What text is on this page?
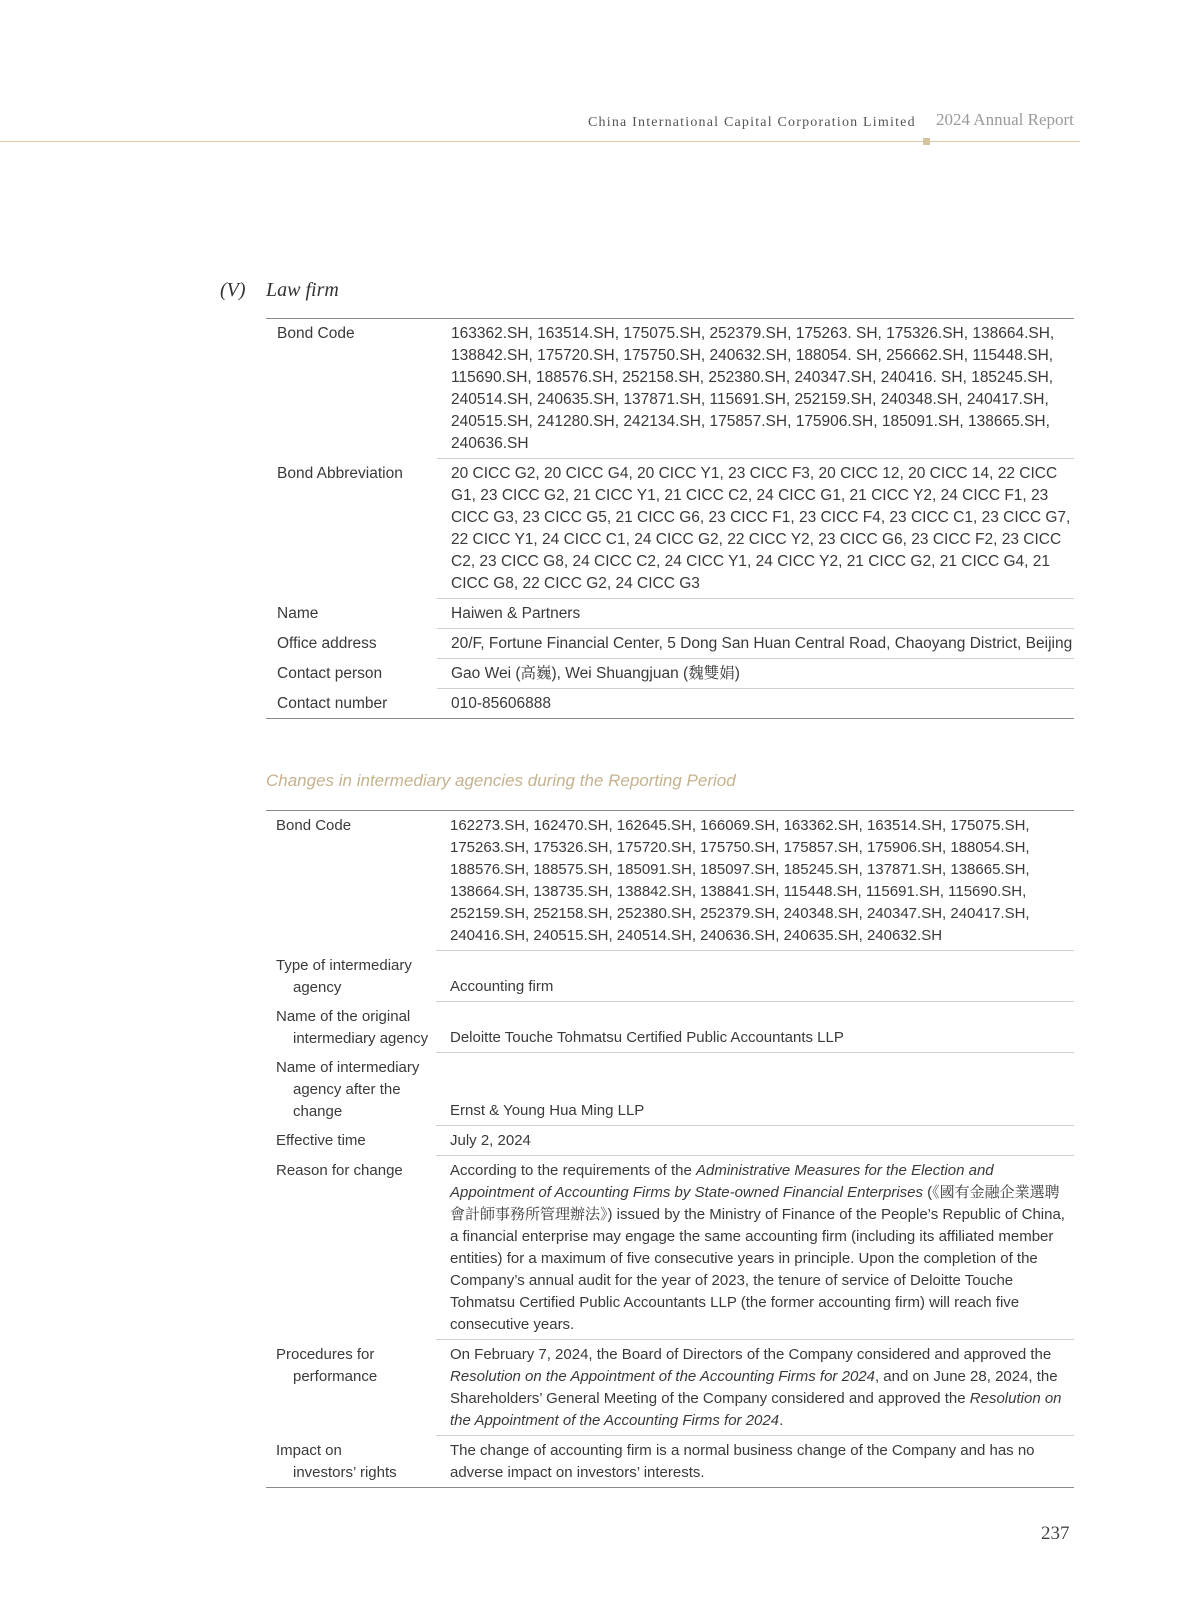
China International Capital Corporation Limited 2024 Annual Report
(V) Law firm
Bond Code	163362.SH, 163514.SH, 175075.SH, 252379.SH, 175263. SH, 175326.SH, 138664.SH, 138842.SH, 175720.SH, 175750.SH, 240632.SH, 188054. SH, 256662.SH, 115448.SH, 115690.SH, 188576.SH, 252158.SH, 252380.SH, 240347.SH, 240416. SH, 185245.SH, 240514.SH, 240635.SH, 137871.SH, 115691.SH, 252159.SH, 240348.SH, 240417.SH, 240515.SH, 241280.SH, 242134.SH, 175857.SH, 175906.SH, 185091.SH, 138665.SH, 240636.SH
Bond Abbreviation	20 CICC G2, 20 CICC G4, 20 CICC Y1, 23 CICC F3, 20 CICC 12, 20 CICC 14, 22 CICC G1, 23 CICC G2, 21 CICC Y1, 21 CICC C2, 24 CICC G1, 21 CICC Y2, 24 CICC F1, 23 CICC G3, 23 CICC G5, 21 CICC G6, 23 CICC F1, 23 CICC F4, 23 CICC C1, 23 CICC G7, 22 CICC Y1, 24 CICC C1, 24 CICC G2, 22 CICC Y2, 23 CICC G6, 23 CICC F2, 23 CICC C2, 23 CICC G8, 24 CICC C2, 24 CICC Y1, 24 CICC Y2, 21 CICC G2, 21 CICC G4, 21 CICC G8, 22 CICC G2, 24 CICC G3
Name	Haiwen & Partners
Office address	20/F, Fortune Financial Center, 5 Dong San Huan Central Road, Chaoyang District, Beijing
Contact person	Gao Wei (高巍), Wei Shuangjuan (魏雙娟)
Contact number	010-85606888
Changes in intermediary agencies during the Reporting Period
Bond Code	162273.SH, 162470.SH, 162645.SH, 166069.SH, 163362.SH, 163514.SH, 175075.SH, 175263.SH, 175326.SH, 175720.SH, 175750.SH, 175857.SH, 175906.SH, 188054.SH, 188576.SH, 188575.SH, 185091.SH, 185097.SH, 185245.SH, 137871.SH, 138665.SH, 138664.SH, 138735.SH, 138842.SH, 138841.SH, 115448.SH, 115691.SH, 115690.SH, 252159.SH, 252158.SH, 252380.SH, 252379.SH, 240348.SH, 240347.SH, 240417.SH, 240416.SH, 240515.SH, 240514.SH, 240636.SH, 240635.SH, 240632.SH
Type of intermediary
agency	Accounting firm
Name of the original
intermediary agency	Deloitte Touche Tohmatsu Certified Public Accountants LLP
Name of intermediary
agency after the
change	Ernst & Young Hua Ming LLP
Effective time	July 2, 2024
Reason for change	According to the requirements of the Administrative Measures for the Election and Appointment of Accounting Firms by State-owned Financial Enterprises (《國有金融企業選聘會計師事務所管理辦法》) issued by the Ministry of Finance of the People’s Republic of China, a financial enterprise may engage the same accounting firm (including its affiliated member entities) for a maximum of five consecutive years in principle. Upon the completion of the Company’s annual audit for the year of 2023, the tenure of service of Deloitte Touche Tohmatsu Certified Public Accountants LLP (the former accounting firm) will reach five consecutive years.
Procedures for
performance	On February 7, 2024, the Board of Directors of the Company considered and approved the Resolution on the Appointment of the Accounting Firms for 2024, and on June 28, 2024, the Shareholders’ General Meeting of the Company considered and approved the Resolution on the Appointment of the Accounting Firms for 2024.
Impact on
investors’ rights	The change of accounting firm is a normal business change of the Company and has no adverse impact on investors’ interests.
237
